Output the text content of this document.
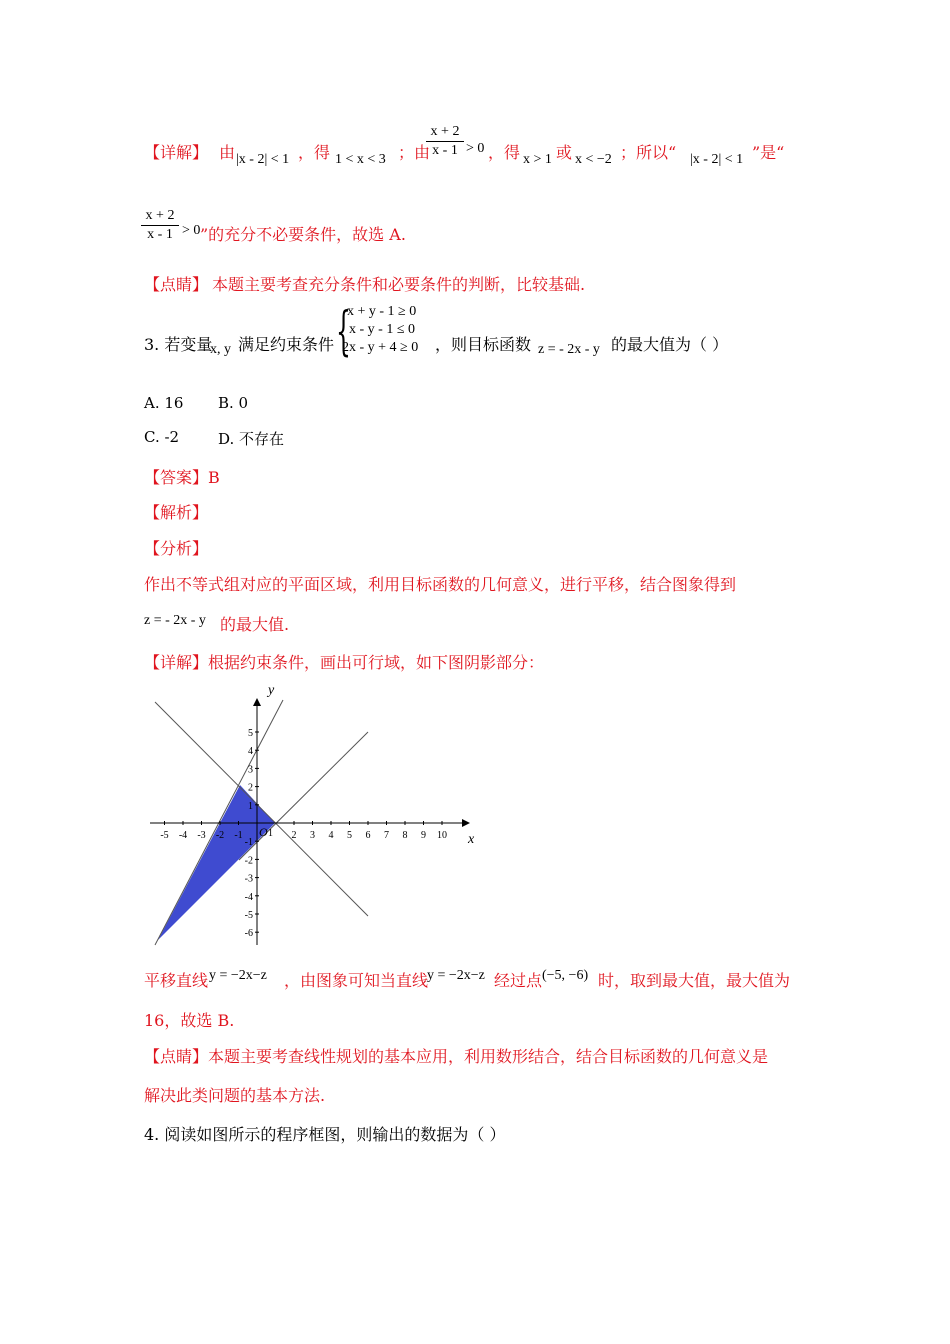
【详解】 由 |x - 2| < 1 ，得 1 < x < 3 ；由
x + 2
x - 1 > 0 ，得 x > 1 或 x < −2 ；所以“ |x - 2| < 1 ”是“
x + 2
x - 1 > 0 ”的充分不必要条件，故选 A.
【点睛】 本题主要考查充分条件和必要条件的判断，比较基础.
3. 若变量
x, y 满足约束条件 {
x + y - 1 ≥ 0
x - y - 1 ≤ 0
2x - y + 4 ≥ 0 ，则目标函数 z = - 2x - y 的最大值为（ ）
A. 16 B. 0
C. -2	D. 不存在
【答案】B
【解析】
【分析】
作出不等式组对应的平面区域，利用目标函数的几何意义，进行平移，结合图象得到
z = - 2x - y 的最大值.
【详解】根据约束条件，画出可行域，如下图阴影部分：
-5 -4 -3 -2 -1	2 3 4 5 6 7 8 9 10
5
4
3
2
1
-1
-2
-3
-4
-5
-6
y
x
O 1
平移直线 y = −2x−z ，由图象可知当直线
y = −2x−z 经过点 (−5, −6) 时，取到最大值，最大值为
16，故选 B.
【点睛】本题主要考查线性规划的基本应用，利用数形结合，结合目标函数的几何意义是
解决此类问题的基本方法.
4. 阅读如图所示的程序框图，则输出的数据为（ ）
